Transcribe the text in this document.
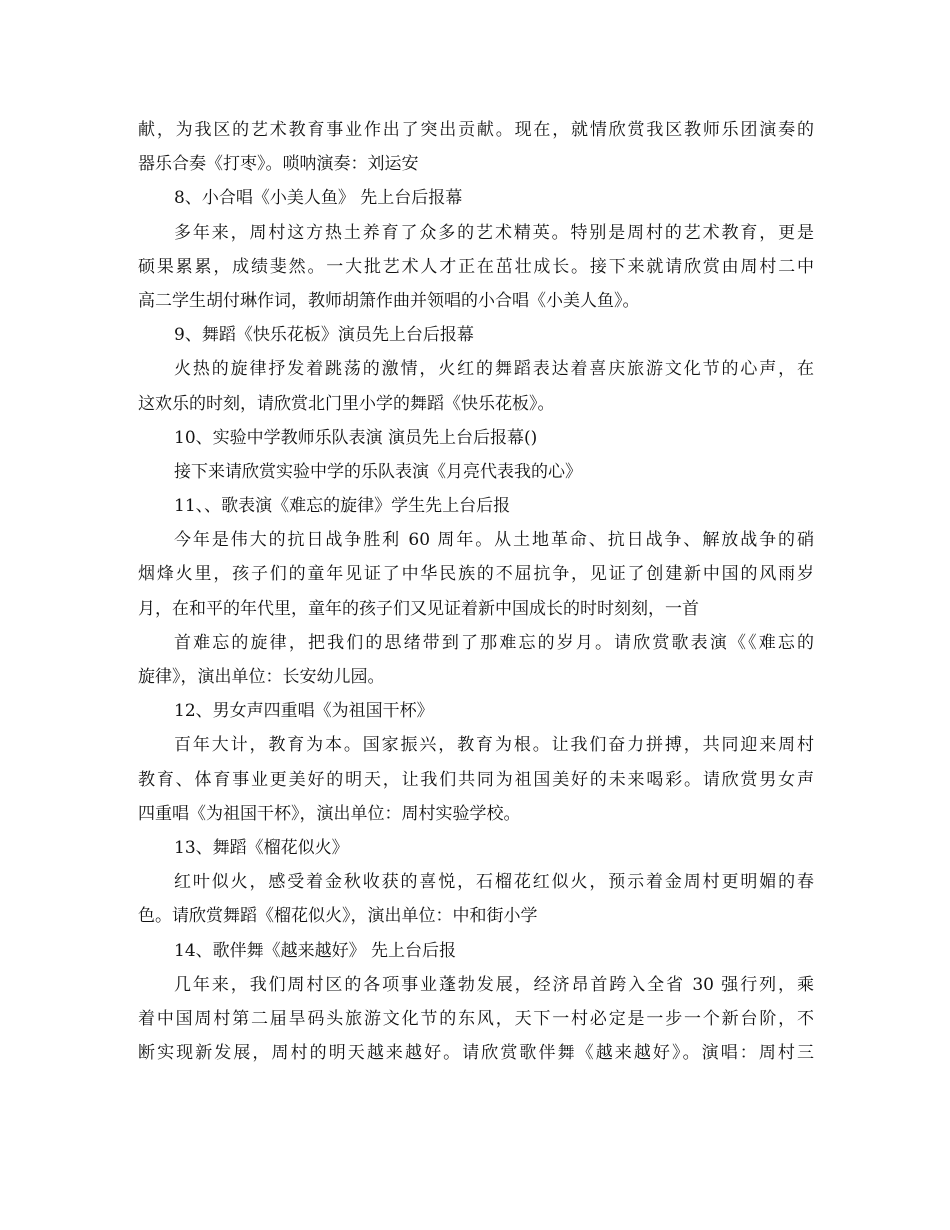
献，为我区的艺术教育事业作出了突出贡献。现在，就情欣赏我区教师乐团演奏的
器乐合奏《打枣》。唢呐演奏：刘运安
8、小合唱《小美人鱼》 先上台后报幕
多年来，周村这方热土养育了众多的艺术精英。特别是周村的艺术教育，更是
硕果累累，成绩斐然。一大批艺术人才正在茁壮成长。接下来就请欣赏由周村二中
高二学生胡付琳作词，教师胡箫作曲并领唱的小合唱《小美人鱼》。
9、舞蹈《快乐花板》演员先上台后报幕
火热的旋律抒发着跳荡的激情，火红的舞蹈表达着喜庆旅游文化节的心声，在
这欢乐的时刻，请欣赏北门里小学的舞蹈《快乐花板》。
10、实验中学教师乐队表演 演员先上台后报幕()
接下来请欣赏实验中学的乐队表演《月亮代表我的心》
11、、歌表演《难忘的旋律》学生先上台后报
今年是伟大的抗日战争胜利 60 周年。从土地革命、抗日战争、解放战争的硝
烟烽火里，孩子们的童年见证了中华民族的不屈抗争，见证了创建新中国的风雨岁
月，在和平的年代里，童年的孩子们又见证着新中国成长的时时刻刻，一首
首难忘的旋律，把我们的思绪带到了那难忘的岁月。请欣赏歌表演《《难忘的
旋律》，演出单位：长安幼儿园。
12、男女声四重唱《为祖国干杯》
百年大计，教育为本。国家振兴，教育为根。让我们奋力拼搏，共同迎来周村
教育、体育事业更美好的明天，让我们共同为祖国美好的未来喝彩。请欣赏男女声
四重唱《为祖国干杯》，演出单位：周村实验学校。
13、舞蹈《榴花似火》
红叶似火，感受着金秋收获的喜悦，石榴花红似火，预示着金周村更明媚的春
色。请欣赏舞蹈《榴花似火》，演出单位：中和街小学
14、歌伴舞《越来越好》 先上台后报
几年来，我们周村区的各项事业蓬勃发展，经济昂首跨入全省 30 强行列，乘
着中国周村第二届旱码头旅游文化节的东风，天下一村必定是一步一个新台阶，不
断实现新发展，周村的明天越来越好。请欣赏歌伴舞《越来越好》。演唱：周村三
